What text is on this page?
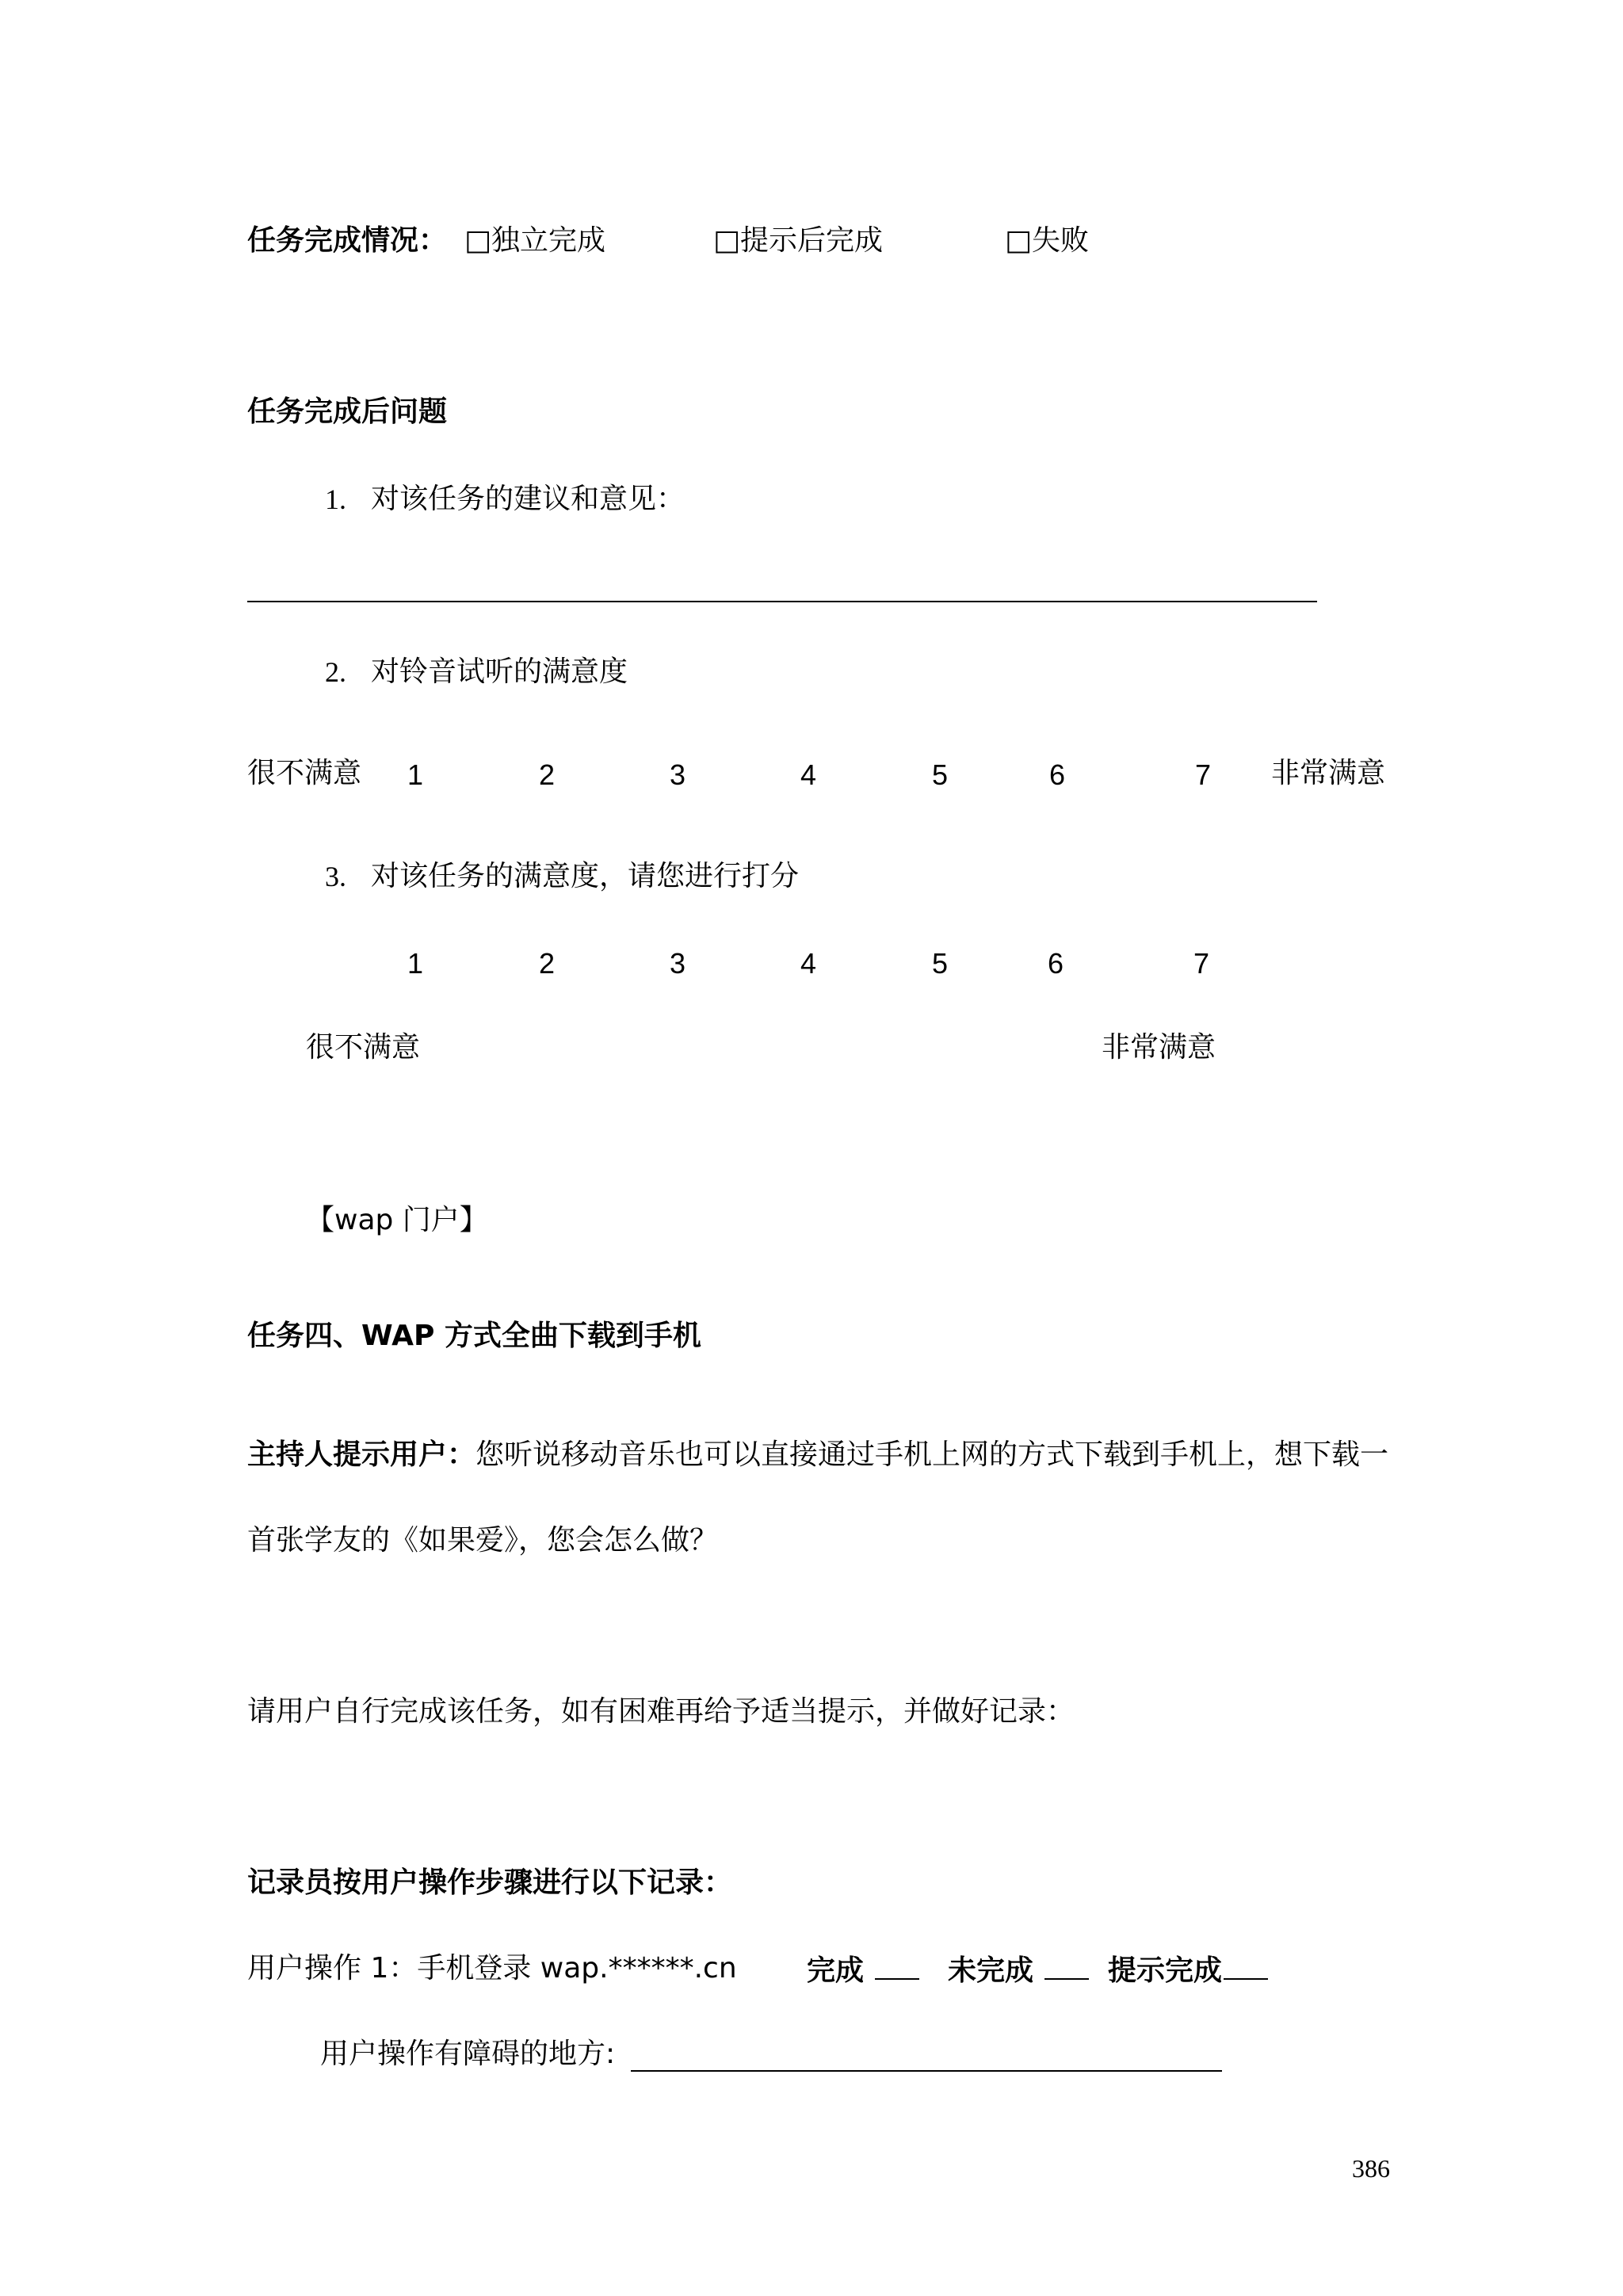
任务完成情况： □独立完成	□提示后完成	□失败
任务完成后问题
1. 对该任务的建议和意见：
2. 对铃音试听的满意度
很不满意 1	2	3	4	5	6	7 非常满意
3. 对该任务的满意度，请您进行打分
1	2	3	4	5	6	7
很不满意	非常满意
【wap 门户】
任务四、WAP 方式全曲下载到手机
主持人提示用户：您听说移动音乐也可以直接通过手机上网的方式下载到手机上，想下载一
首张学友的《如果爱》，您会怎么做？
请用户自行完成该任务，如有困难再给予适当提示，并做好记录：
记录员按用户操作步骤进行以下记录：
用户操作 1：手机登录 wap.******.cn 完成	未完成	提示完成
用户操作有障碍的地方:
386
